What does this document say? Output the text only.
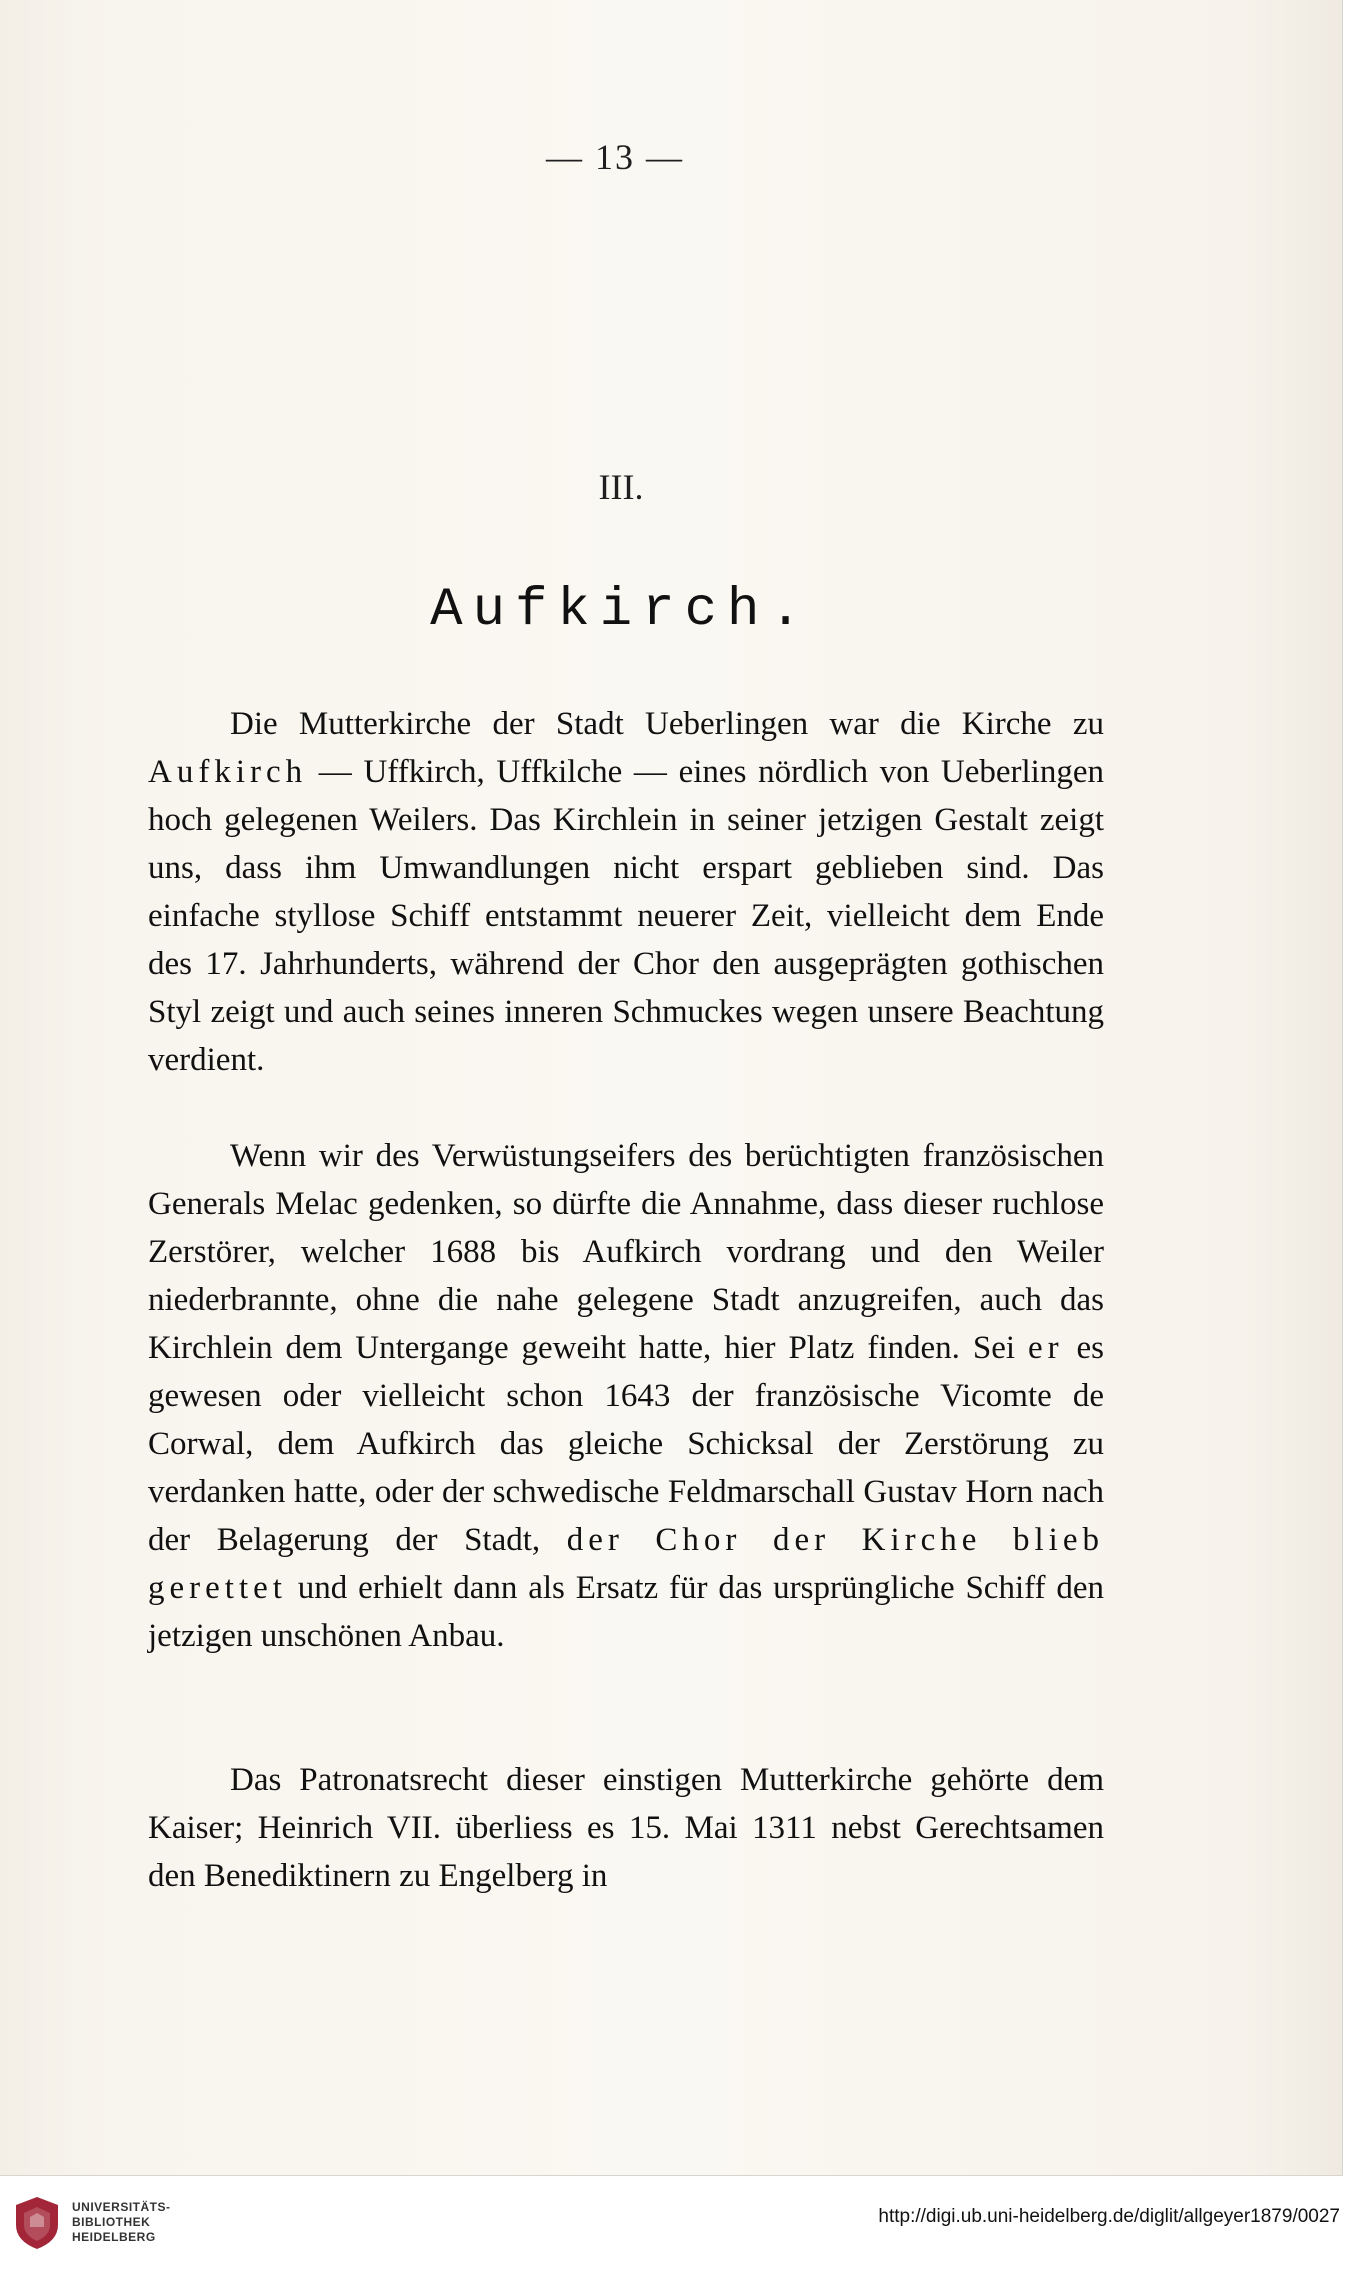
— 13 —
III.
Aufkirch.

Die Mutterkirche der Stadt Ueberlingen war die Kirche zu Aufkirch — Uffkirch, Uffkilche — eines nördlich von Ueberlingen hoch gelegenen Weilers. Das Kirchlein in seiner jetzigen Gestalt zeigt uns, dass ihm Umwandlungen nicht erspart geblieben sind. Das einfache styllose Schiff entstammt neuerer Zeit, vielleicht dem Ende des 17. Jahrhunderts, während der Chor den ausgeprägten gothischen Styl zeigt und auch seines inneren Schmuckes wegen unsere Beachtung verdient.

Wenn wir des Verwüstungseifers des berüchtigten französischen Generals Melac gedenken, so dürfte die Annahme, dass dieser ruchlose Zerstörer, welcher 1688 bis Aufkirch vordrang und den Weiler niederbrannte, ohne die nahe gelegene Stadt anzugreifen, auch das Kirchlein dem Untergange geweiht hatte, hier Platz finden. Sei er es gewesen oder vielleicht schon 1643 der französische Vicomte de Corwal, dem Aufkirch das gleiche Schicksal der Zerstörung zu verdanken hatte, oder der schwedische Feldmarschall Gustav Horn nach der Belagerung der Stadt, der Chor der Kirche blieb gerettet und erhielt dann als Ersatz für das ursprüngliche Schiff den jetzigen unschönen Anbau.

Das Patronatsrecht dieser einstigen Mutterkirche gehörte dem Kaiser; Heinrich VII. überliess es 15. Mai 1311 nebst Gerechtsamen den Benediktinern zu Engelberg in

UNIVERSITÄTS-
BIBLIOTHEK
HEIDELBERG
http://digi.ub.uni-heidelberg.de/diglit/allgeyer1879/0027
